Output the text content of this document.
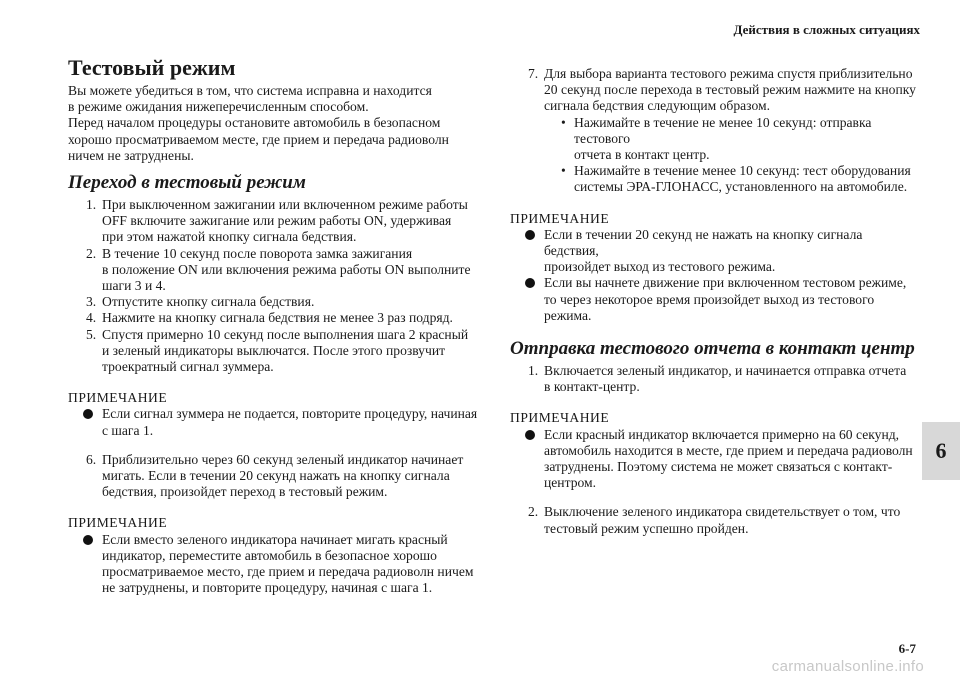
Действия в сложных ситуациях
Тестовый режим
Вы можете убедиться в том, что система исправна и находится
в режиме ожидания нижеперечисленным способом.
Перед началом процедуры остановите автомобиль в безопасном
хорошо просматриваемом месте, где прием и передача радиоволн
ничем не затруднены.
Переход в тестовый режим
1. При выключенном зажигании или включенном режиме работы
OFF включите зажигание или режим работы ON, удерживая
при этом нажатой кнопку сигнала бедствия.
2. В течение 10 секунд после поворота замка зажигания
в положение ON или включения режима работы ON выполните
шаги 3 и 4.
3. Отпустите кнопку сигнала бедствия.
4. Нажмите на кнопку сигнала бедствия не менее 3 раз подряд.
5. Спустя примерно 10 секунд после выполнения шага 2 красный
и зеленый индикаторы выключатся. После этого прозвучит
троекратный сигнал зуммера.
ПРИМЕЧАНИЕ
Если сигнал зуммера не подается, повторите процедуру, начиная
с шага 1.
6. Приблизительно через 60 секунд зеленый индикатор начинает
мигать. Если в течении 20 секунд нажать на кнопку сигнала
бедствия, произойдет переход в тестовый режим.
ПРИМЕЧАНИЕ
Если вместо зеленого индикатора начинает мигать красный
индикатор, переместите автомобиль в безопасное хорошо
просматриваемое место, где прием и передача радиоволн ничем
не затруднены, и повторите процедуру, начиная с шага 1.
7. Для выбора варианта тестового режима спустя приблизительно
20 секунд после перехода в тестовый режим нажмите на кнопку
сигнала бедствия следующим образом.
• Нажимайте в течение не менее 10 секунд: отправка тестового
отчета в контакт центр.
• Нажимайте в течение менее 10 секунд: тест оборудования
системы ЭРА-ГЛОНАСС, установленного на автомобиле.
ПРИМЕЧАНИЕ
Если в течении 20 секунд не нажать на кнопку сигнала бедствия,
произойдет выход из тестового режима.
Если вы начнете движение при включенном тестовом режиме,
то через некоторое время произойдет выход из тестового
режима.
Отправка тестового отчета в контакт центр
1. Включается зеленый индикатор, и начинается отправка отчета
в контакт-центр.
ПРИМЕЧАНИЕ
Если красный индикатор включается примерно на 60 секунд,
автомобиль находится в месте, где прием и передача радиоволн
затруднены. Поэтому система не может связаться с контакт-
центром.
2. Выключение зеленого индикатора свидетельствует о том, что
тестовый режим успешно пройден.
6
6-7
carmanualsonline.info
